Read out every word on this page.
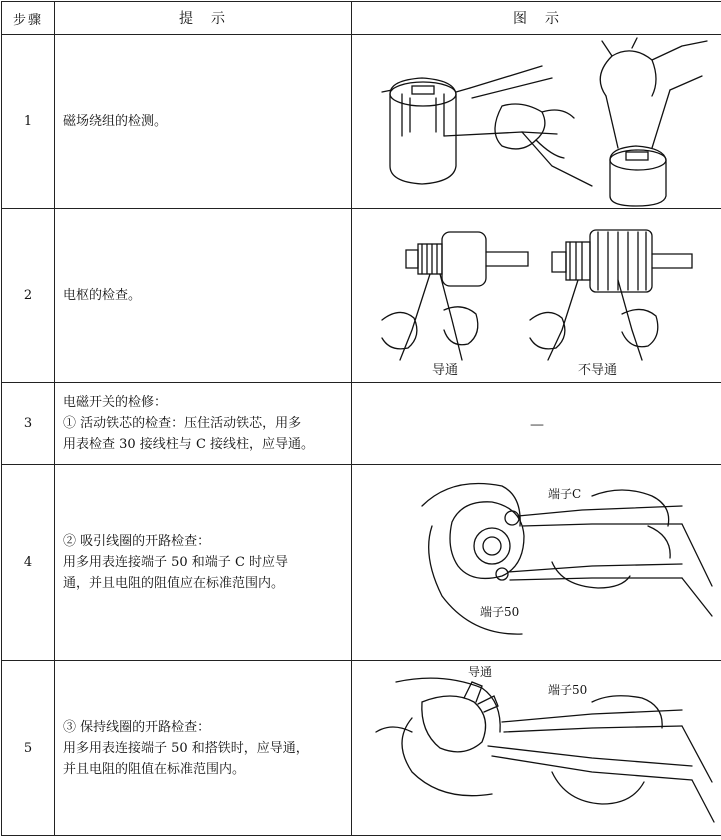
步骤	提　示	图　示
1	磁场绕组的检测。

2	电枢的检查。	导通 不导通

3	电磁开关的检修：
① 活动铁芯的检查：压住活动铁芯，用多
用表检查 30 接线柱与 C 接线柱，应导通。	—
4	② 吸引线圈的开路检查：
用多用表连接端子 50 和端子 C 时应导
通，并且电阻的阻值应在标准范围内。	端子C
端子50

5	③ 保持线圈的开路检查：
用多用表连接端子 50 和搭铁时，应导通，
并且电阻的阻值在标准范围内。	导通
端子50
